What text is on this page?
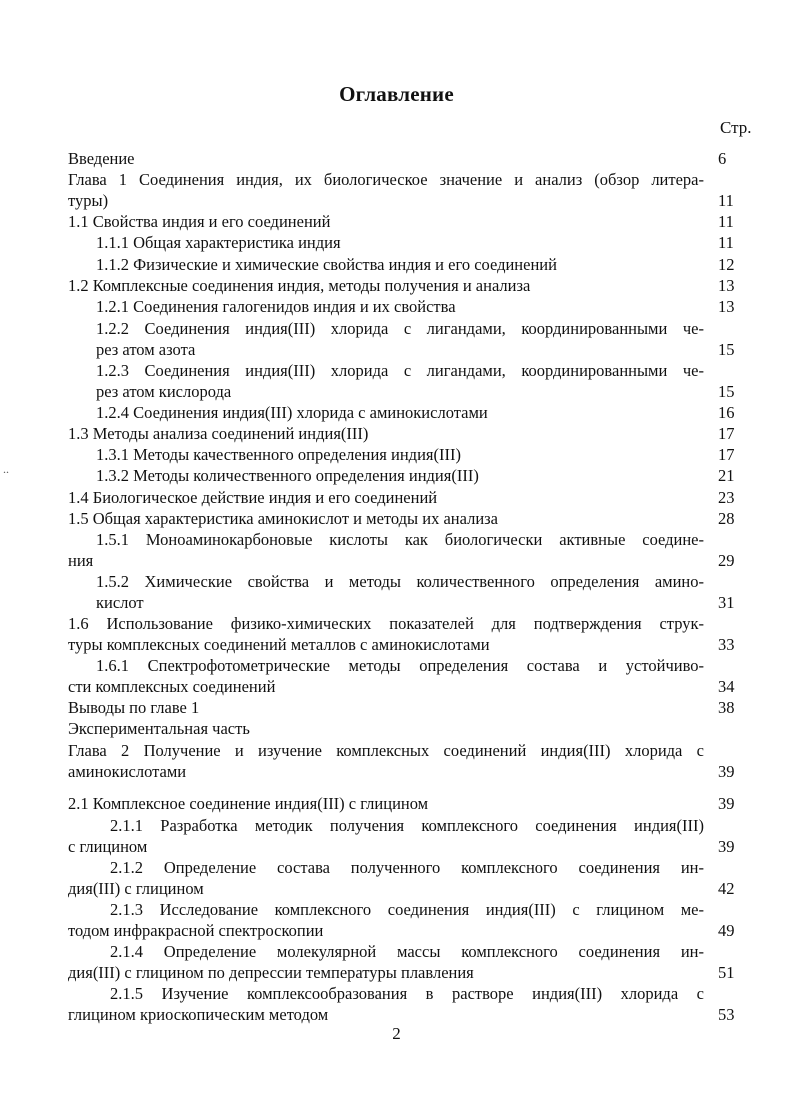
Оглавление
Стр.
..
Введение	6
Глава 1 Соединения индия, их биологическое значение и анализ (обзор литера-
туры)	11
1.1 Свойства индия и его соединений	11
1.1.1 Общая характеристика индия	11
1.1.2 Физические и химические свойства индия и его соединений	12
1.2 Комплексные соединения индия, методы получения и анализа	13
1.2.1 Соединения галогенидов индия и их свойства	13
1.2.2 Соединения индия(III) хлорида с лигандами, координированными че-
рез атом азота	15
1.2.3 Соединения индия(III) хлорида с лигандами, координированными че-
рез атом кислорода	15
1.2.4 Соединения индия(III) хлорида с аминокислотами	16
1.3 Методы анализа соединений индия(III)	17
1.3.1 Методы качественного определения индия(III)	17
1.3.2 Методы количественного определения индия(III)	21
1.4 Биологическое действие индия и его соединений	23
1.5 Общая характеристика аминокислот и методы их анализа	28
1.5.1 Моноаминокарбоновые кислоты как биологически активные соедине-
ния	29
1.5.2 Химические свойства и методы количественного определения амино-
кислот	31
1.6 Использование физико-химических показателей для подтверждения струк-
туры комплексных соединений металлов с аминокислотами	33
1.6.1 Спектрофотометрические методы определения состава и устойчиво-
сти комплексных соединений	34
Выводы по главе 1	38
Экспериментальная часть
Глава 2 Получение и изучение комплексных соединений индия(III) хлорида с
аминокислотами	39
2.1 Комплексное соединение индия(III) с глицином	39
2.1.1 Разработка методик получения комплексного соединения индия(III)
с глицином	39
2.1.2 Определение состава полученного комплексного соединения ин-
дия(III) с глицином	42
2.1.3 Исследование комплексного соединения индия(III) с глицином ме-
тодом инфракрасной спектроскопии	49
2.1.4 Определение молекулярной массы комплексного соединения ин-
дия(III) с глицином по депрессии температуры плавления	51
2.1.5 Изучение комплексообразования в растворе индия(III) хлорида с
глицином криоскопическим методом	53
2
